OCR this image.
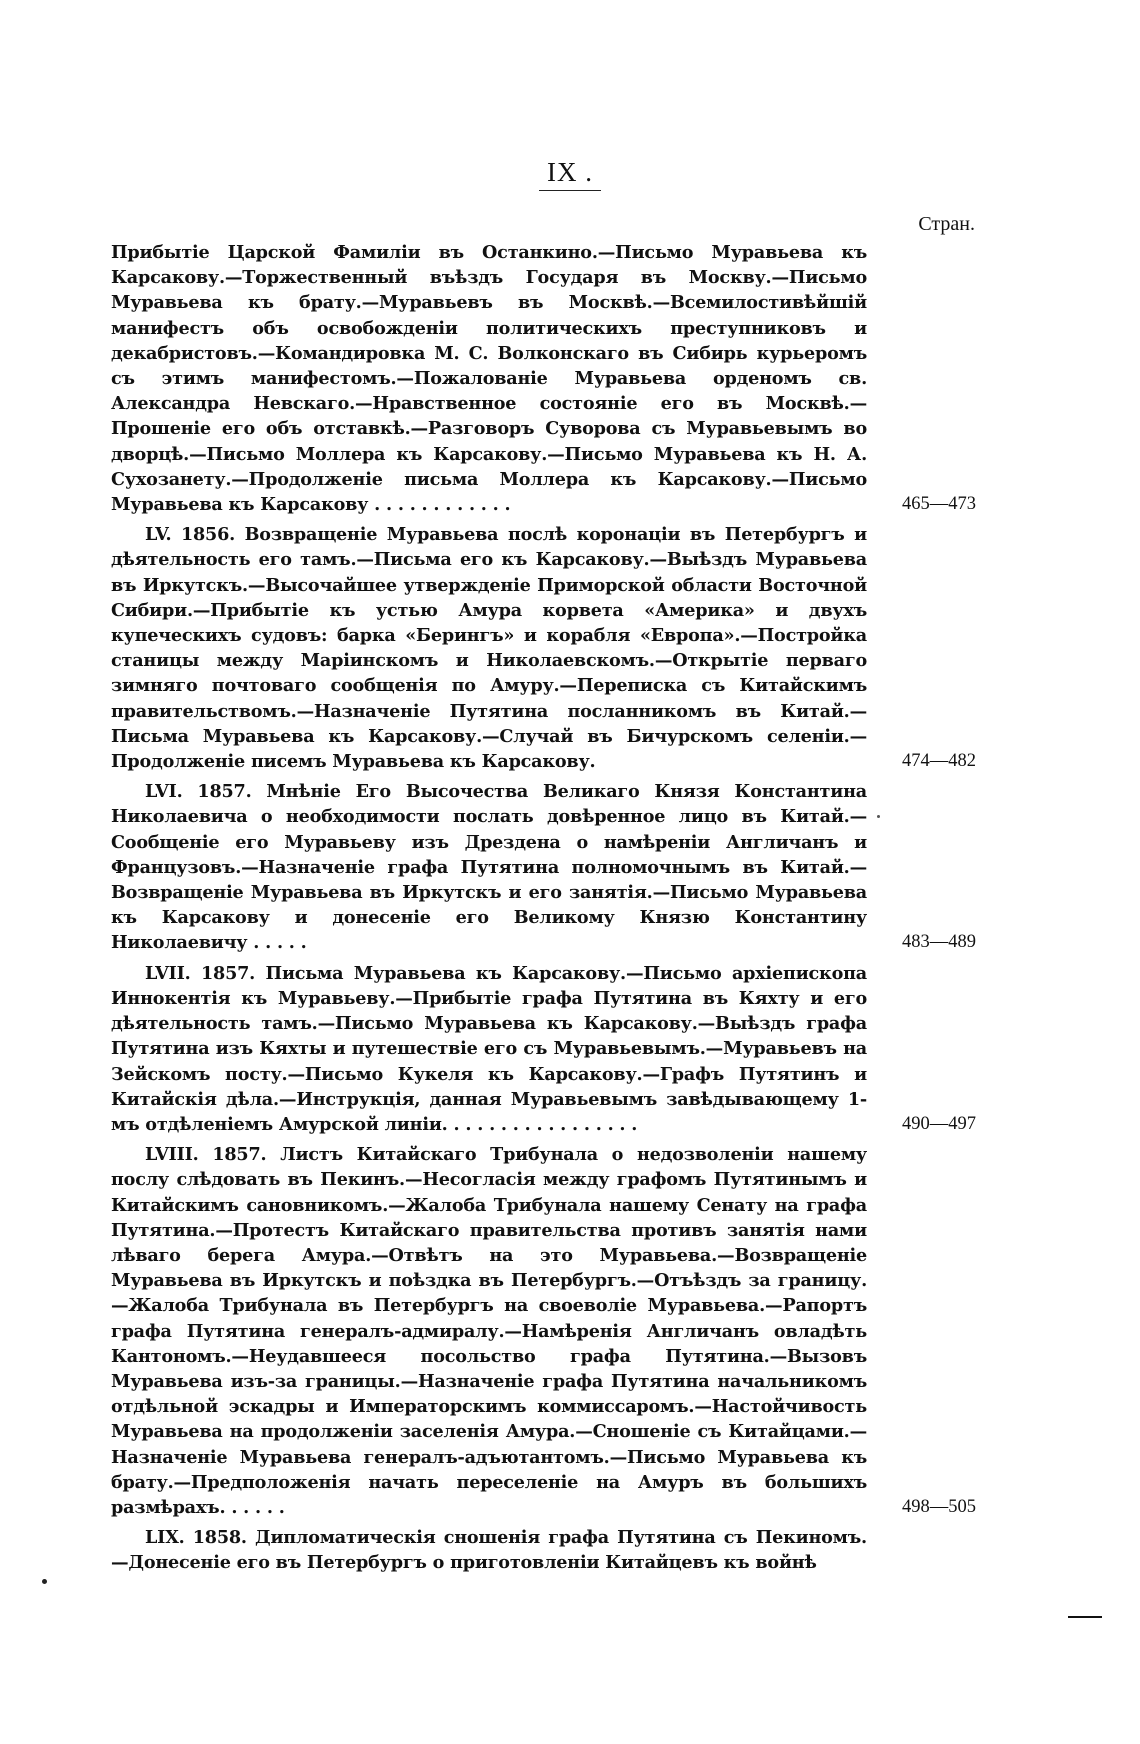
IX .
Стран.
Прибытіе Царской Фамиліи въ Останкино.—Письмо Муравьева къ Карсакову.—Торжественный въѣздъ Государя въ Москву.—Письмо Муравьева къ брату.—Муравьевъ въ Москвѣ.—Всемилостивѣйшій манифестъ объ освобожденіи политическихъ преступниковъ и декабристовъ.—Командировка М. С. Волконскаго въ Сибирь курьеромъ съ этимъ манифестомъ.—Пожалованіе Муравьева орденомъ св. Александра Невскаго.—Нравственное состояніе его въ Москвѣ.—Прошеніе его объ отставкѣ.—Разговоръ Суворова съ Муравьевымъ во дворцѣ.—Письмо Моллера къ Карсакову.—Письмо Муравьева къ Н. А. Сухозанету.—Продолженіе письма Моллера къ Карсакову.—Письмо Муравьева къ Карсакову . . . . . . . . . . . .	465—473
LV. 1856. Возвращеніе Муравьева послѣ коронаціи въ Петербургъ и дѣятельность его тамъ.—Письма его къ Карсакову.—Выѣздъ Муравьева въ Иркутскъ.—Высочайшее утвержденіе Приморской области Восточной Сибири.—Прибытіе къ устью Амура корвета «Америка» и двухъ купеческихъ судовъ: барка «Берингъ» и корабля «Европа».—Постройка станицы между Маріинскомъ и Николаевскомъ.—Открытіе перваго зимняго почтоваго сообщенія по Амуру.—Переписка съ Китайскимъ правительствомъ.—Назначеніе Путятина посланникомъ въ Китай.—Письма Муравьева къ Карсакову.—Случай въ Бичурскомъ селеніи.—Продолженіе писемъ Муравьева къ Карсакову.	474—482
LVI. 1857. Мнѣніе Его Высочества Великаго Князя Константина Николаевича о необходимости послать довѣренное лицо въ Китай.—Сообщеніе его Муравьеву изъ Дрездена о намѣреніи Англичанъ и Французовъ.—Назначеніе графа Путятина полномочнымъ въ Китай.—Возвращеніе Муравьева въ Иркутскъ и его занятія.—Письмо Муравьева къ Карсакову и донесеніе его Великому Князю Константину Николаевичу . . . . .	483—489
LVII. 1857. Письма Муравьева къ Карсакову.—Письмо архіепископа Иннокентія къ Муравьеву.—Прибытіе графа Путятина въ Кяхту и его дѣятельность тамъ.—Письмо Муравьева къ Карсакову.—Выѣздъ графа Путятина изъ Кяхты и путешествіе его съ Муравьевымъ.—Муравьевъ на Зейскомъ посту.—Письмо Кукеля къ Карсакову.—Графъ Путятинъ и Китайскія дѣла.—Инструкція, данная Муравьевымъ завѣдывающему 1-мъ отдѣленіемъ Амурской линіи. . . . . . . . . . . . . . . . .	490—497
LVIII. 1857. Листъ Китайскаго Трибунала о недозволеніи нашему послу слѣдовать въ Пекинъ.—Несогласія между графомъ Путятинымъ и Китайскимъ сановникомъ.—Жалоба Трибунала нашему Сенату на графа Путятина.—Протестъ Китайскаго правительства противъ занятія нами лѣваго берега Амура.—Отвѣтъ на это Муравьева.—Возвращеніе Муравьева въ Иркутскъ и поѣздка въ Петербургъ.—Отъѣздъ за границу.—Жалоба Трибунала въ Петербургъ на своеволіе Муравьева.—Рапортъ графа Путятина генералъ-адмиралу.—Намѣренія Англичанъ овладѣть Кантономъ.—Неудавшееся посольство графа Путятина.—Вызовъ Муравьева изъ-за границы.—Назначеніе графа Путятина начальникомъ отдѣльной эскадры и Императорскимъ коммиссаромъ.—Настойчивость Муравьева на продолженіи заселенія Амура.—Сношеніе съ Китайцами.—Назначеніе Муравьева генералъ-адъютантомъ.—Письмо Муравьева къ брату.—Предположенія начать переселеніе на Амуръ въ большихъ размѣрахъ. . . . . .	498—505
LIX. 1858. Дипломатическія сношенія графа Путятина съ Пекиномъ.—Донесеніе его въ Петербургъ о приготовленіи Китайцевъ къ войнѣ
